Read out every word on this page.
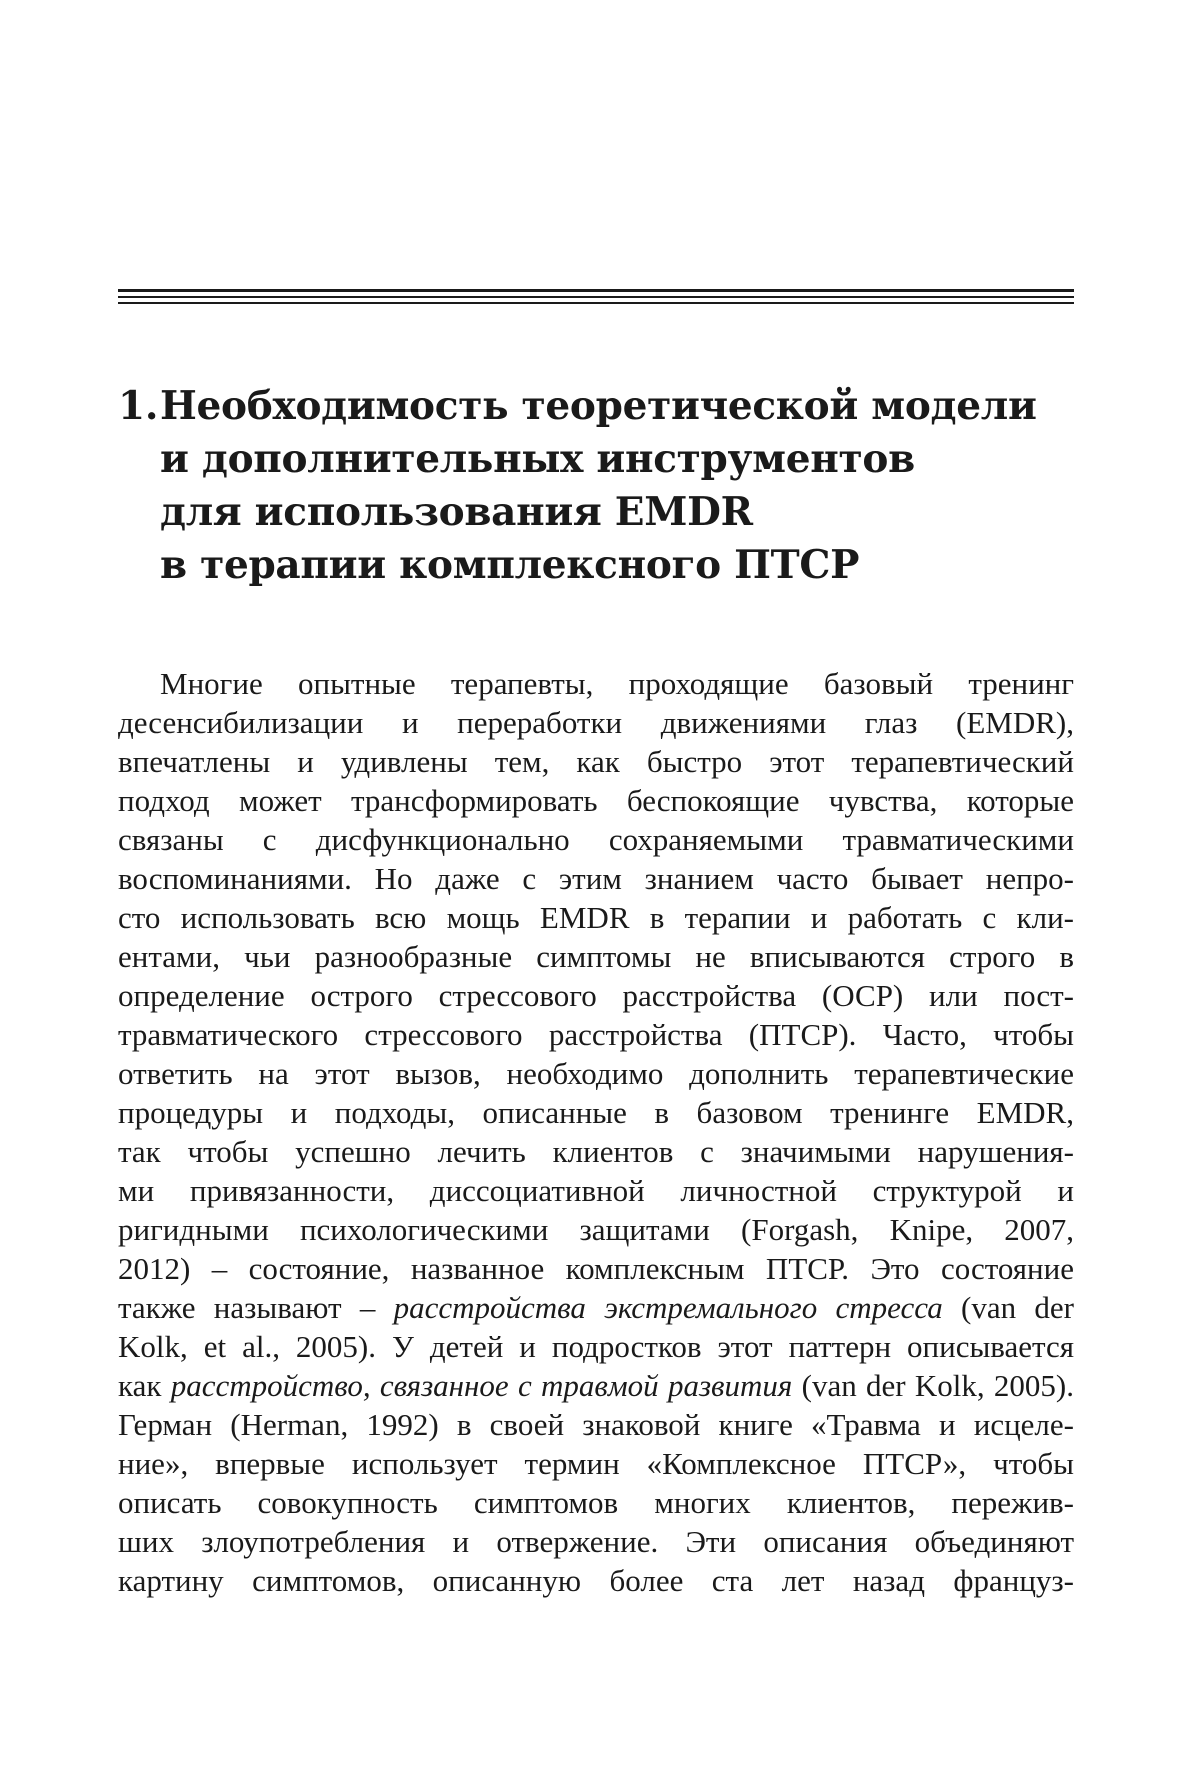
1. Необходимость теоретической модели
и дополнительных инструментов
для использования EMDR
в терапии комплексного ПТСР
Многие опытные терапевты, проходящие базовый тренинг
десенсибилизации и переработки движениями глаз (EMDR),
впечатлены и удивлены тем, как быстро этот терапевтический
подход может трансформировать беспокоящие чувства, которые
связаны с дисфункционально сохраняемыми травматическими
воспоминаниями. Но даже с этим знанием часто бывает непро-
сто использовать всю мощь EMDR в терапии и работать с кли-
ентами, чьи разнообразные симптомы не вписываются строго в
определение острого стрессового расстройства (ОСР) или пост-
травматического стрессового расстройства (ПТСР). Часто, чтобы
ответить на этот вызов, необходимо дополнить терапевтические
процедуры и подходы, описанные в базовом тренинге EMDR,
так чтобы успешно лечить клиентов с значимыми нарушения-
ми привязанности, диссоциативной личностной структурой и
ригидными психологическими защитами (Forgash, Knipe, 2007,
2012) – состояние, названное комплексным ПТСР. Это состояние
также называют – расстройства экстремального стресса (van der
Kolk, et al., 2005). У детей и подростков этот паттерн описывается
как расстройство, связанное с травмой развития (van der Kolk, 2005).
Герман (Herman, 1992) в своей знаковой книге «Травма и исцеле-
ние», впервые использует термин «Комплексное ПТСР», чтобы
описать совокупность симптомов многих клиентов, пережив-
ших злоупотребления и отвержение. Эти описания объединяют
картину симптомов, описанную более ста лет назад француз-
